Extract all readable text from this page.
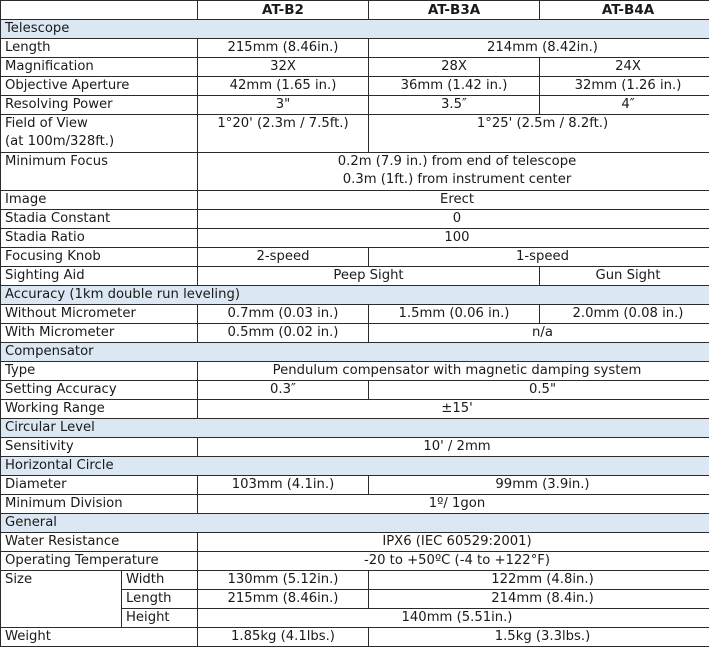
		AT-B2	AT-B3A	AT-B4A
Telescope				
Length		215mm (8.46in.)	214mm (8.42in.)	
Magnification		32X	28X	24X
Objective Aperture		42mm (1.65 in.)	36mm (1.42 in.)	32mm (1.26 in.)
Resolving Power		3"	3.5″	4″

Field of View
(at 100m/328ft.)		1°20' (2.3m / 7.5ft.)	1°25' (2.5m / 8.2ft.)	
Minimum Focus		0.2m (7.9 in.) from end of telescope
0.3m (1ft.) from instrument center		

Image		Erect		
Stadia Constant		0		
Stadia Ratio		100		
Focusing Knob		2-speed	1-speed	
Sighting Aid		Peep Sight		Gun Sight
Accuracy (1km double run leveling)				
Without Micrometer		0.7mm (0.03 in.)	1.5mm (0.06 in.)	2.0mm (0.08 in.)
With Micrometer		0.5mm (0.02 in.)	n/a	
Compensator				
Type		Pendulum compensator with magnetic damping system		
Setting Accuracy		0.3″	0.5"	
Working Range		±15'		
Circular Level				
Sensitivity		10' / 2mm		
Horizontal Circle				
Diameter		103mm (4.1in.)	99mm (3.9in.)	
Minimum Division		1º/ 1gon		
General				
Water Resistance		IPX6 (IEC 60529:2001)		
Operating Temperature		-20 to +50ºC (-4 to +122°F)		
Size	Width	130mm (5.12in.)	122mm (4.8in.)	
	Length	215mm (8.46in.)	214mm (8.4in.)	
	Height	140mm (5.51in.)		
Weight		1.85kg (4.1lbs.)	1.5kg (3.3lbs.)	
